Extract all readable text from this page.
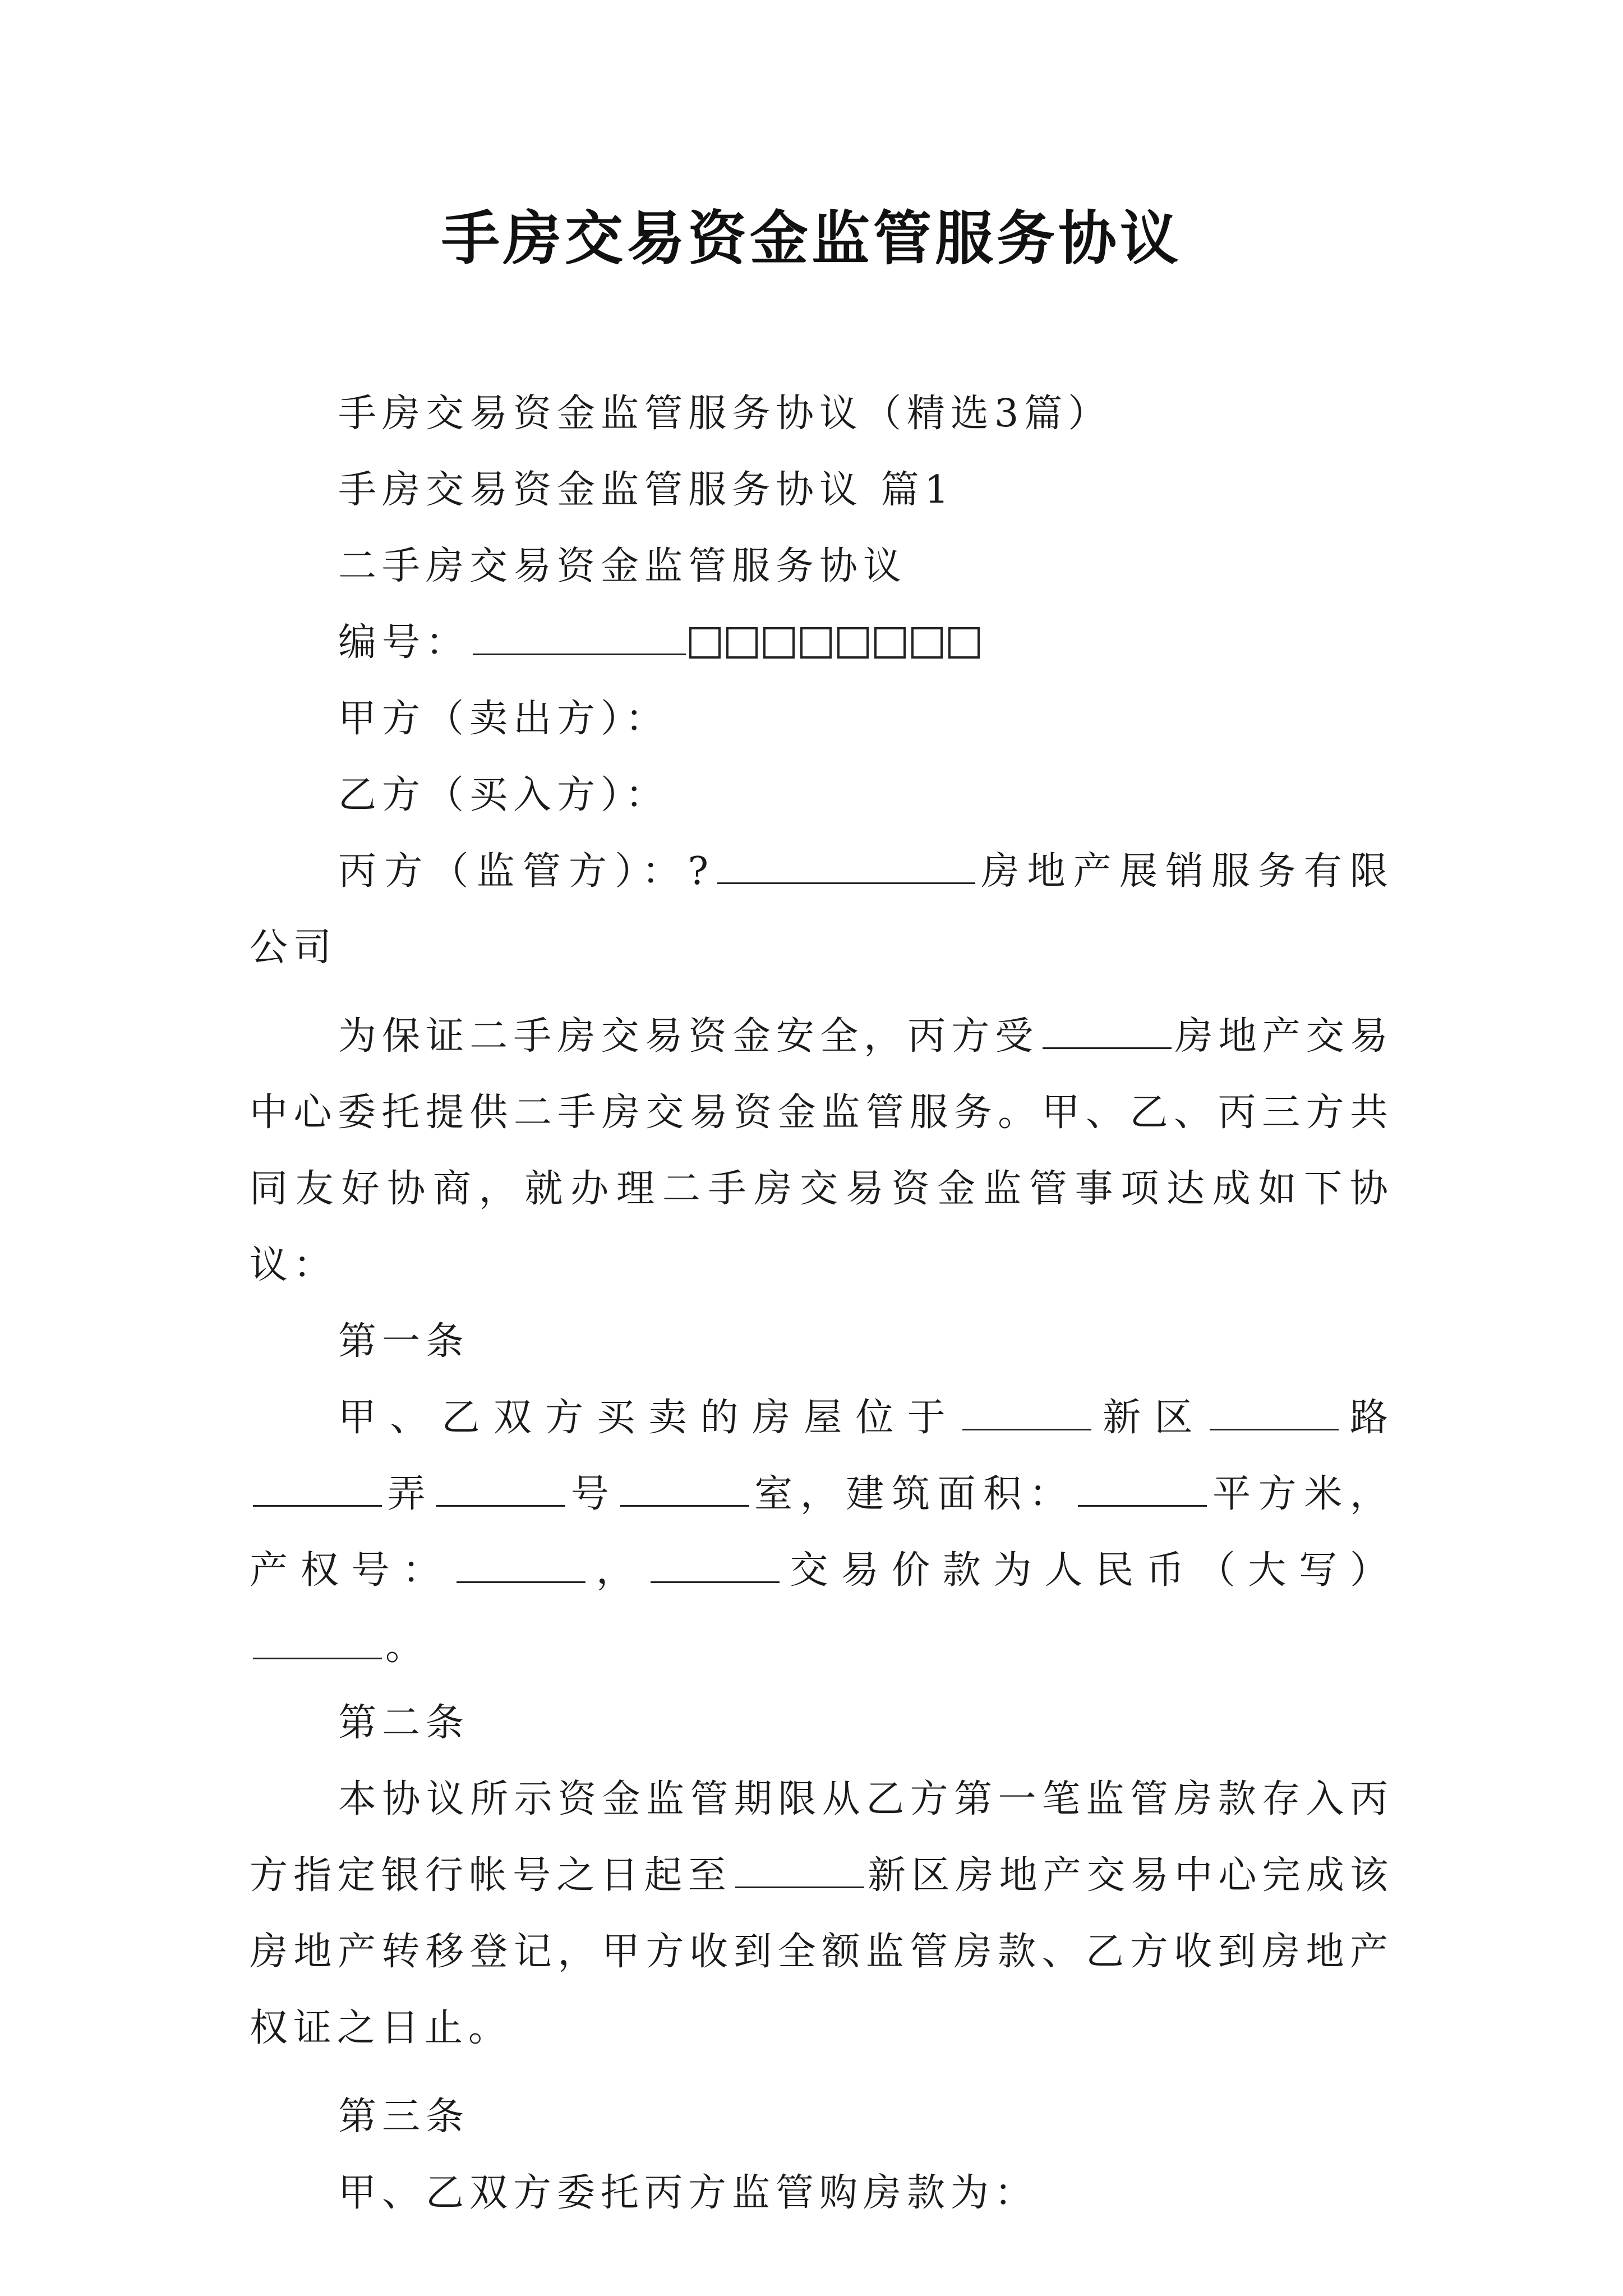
手房交易资金监管服务协议

手房交易资金监管服务协议（精选3篇）

手房交易资金监管服务协议 篇1

二手房交易资金监管服务协议

编号：

甲方（卖出方）：

乙方（买入方）：

丙方（监管方）：?	房地产展销服务有限公司

为保证二手房交易资金安全，丙方受	房地产交易中心委托提供二手房交易资金监管服务。甲、乙、丙三方共同友好协商，就办理二手房交易资金监管事项达成如下协议：

第一条

甲、乙双方买卖的房屋位于	新区	路弄	号	室，建筑面积：	平方米，产权号：	，	交易价款为人民币（大写）。

第二条

本协议所示资金监管期限从乙方第一笔监管房款存入丙方指定银行帐号之日起至	新区房地产交易中心完成该房地产转移登记，甲方收到全额监管房款、乙方收到房地产权证之日止。

第三条

甲、乙双方委托丙方监管购房款为：
